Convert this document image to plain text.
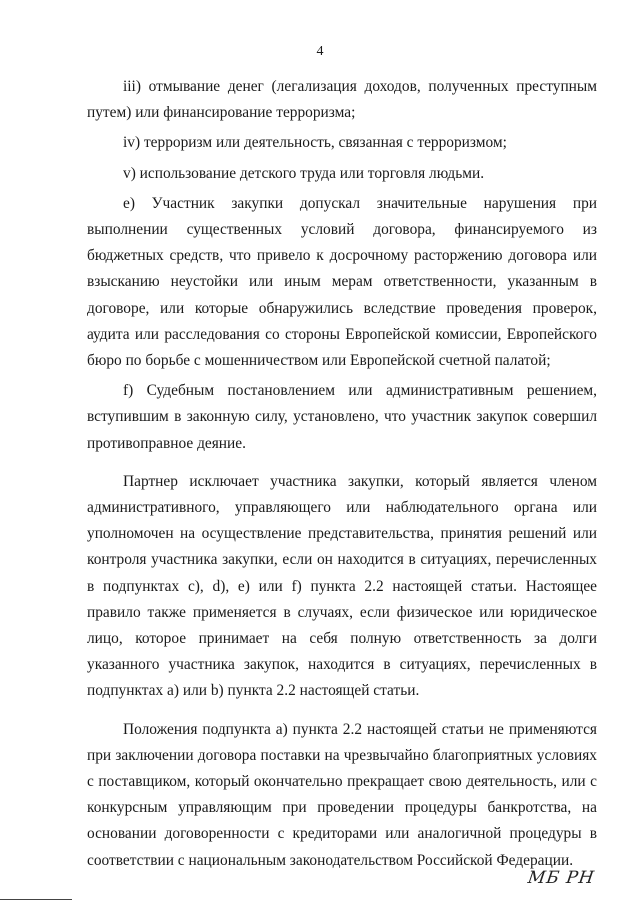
4

iii) отмывание денег (легализация доходов, полученных преступным путем) или финансирование терроризма;

iv) терроризм или деятельность, связанная с терроризмом;

v) использование детского труда или торговля людьми.

e) Участник закупки допускал значительные нарушения при выполнении существенных условий договора, финансируемого из бюджетных средств, что привело к досрочному расторжению договора или взысканию неустойки или иным мерам ответственности, указанным в договоре, или которые обнаружились вследствие проведения проверок, аудита или расследования со стороны Европейской комиссии, Европейского бюро по борьбе с мошенничеством или Европейской счетной палатой;

f) Судебным постановлением или административным решением, вступившим в законную силу, установлено, что участник закупок совершил противоправное деяние.

Партнер исключает участника закупки, который является членом административного, управляющего или наблюдательного органа или уполномочен на осуществление представительства, принятия решений или контроля участника закупки, если он находится в ситуациях, перечисленных в подпунктах c), d), e) или f) пункта 2.2 настоящей статьи. Настоящее правило также применяется в случаях, если физическое или юридическое лицо, которое принимает на себя полную ответственность за долги указанного участника закупок, находится в ситуациях, перечисленных в подпунктах a) или b) пункта 2.2 настоящей статьи.

Положения подпункта a) пункта 2.2 настоящей статьи не применяются при заключении договора поставки на чрезвычайно благоприятных условиях с поставщиком, который окончательно прекращает свою деятельность, или с конкурсным управляющим при проведении процедуры банкротства, на основании договоренности с кредиторами или аналогичной процедуры в соответствии с национальным законодательством Российской Федерации.

МБ РН
